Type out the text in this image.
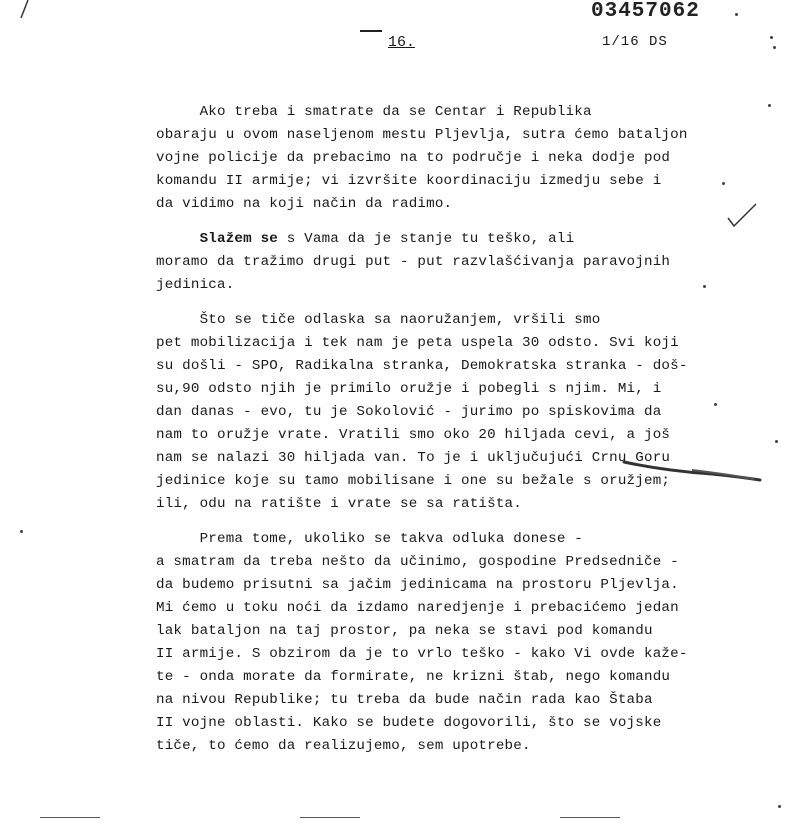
03457062
16.	1/16 DS
Ako treba i smatrate da se Centar i Republika
obaraju u ovom naseljenom mestu Pljevlja, sutra ćemo bataljon
vojne policije da prebacimo na to područje i neka dodje pod
komandu II armije; vi izvršite koordinaciju izmedju sebe i
da vidimo na koji način da radimo.
Slažem se s Vama da je stanje tu teško, ali
moramo da tražimo drugi put - put razvlašćivanja paravojnih
jedinica.
Što se tiče odlaska sa naoružanjem, vršili smo
pet mobilizacija i tek nam je peta uspela 30 odsto. Svi koji
su došli - SPO, Radikalna stranka, Demokratska stranka - doš-
su,90 odsto njih je primilo oružje i pobegli s njim. Mi, i
dan danas - evo, tu je Sokolović - jurimo po spiskovima da
nam to oružje vrate. Vratili smo oko 20 hiljada cevi, a još
nam se nalazi 30 hiljada van. To je i uključujući Crnu Goru
jedinice koje su tamo mobilisane i one su bežale s oružjem;
ili, odu na ratište i vrate se sa ratišta.
Prema tome, ukoliko se takva odluka donese -
a smatram da treba nešto da učinimo, gospodine Predsedniče -
da budemo prisutni sa jačim jedinicama na prostoru Pljevlja.
Mi ćemo u toku noći da izdamo naredjenje i prebacićemo jedan
lak bataljon na taj prostor, pa neka se stavi pod komandu
II armije. S obzirom da je to vrlo teško - kako Vi ovde kaže-
te - onda morate da formirate, ne krizni štab, nego komandu
na nivou Republike; tu treba da bude način rada kao Štaba
II vojne oblasti. Kako se budete dogovorili, što se vojske
tiče, to ćemo da realizujemo, sem upotrebe.
